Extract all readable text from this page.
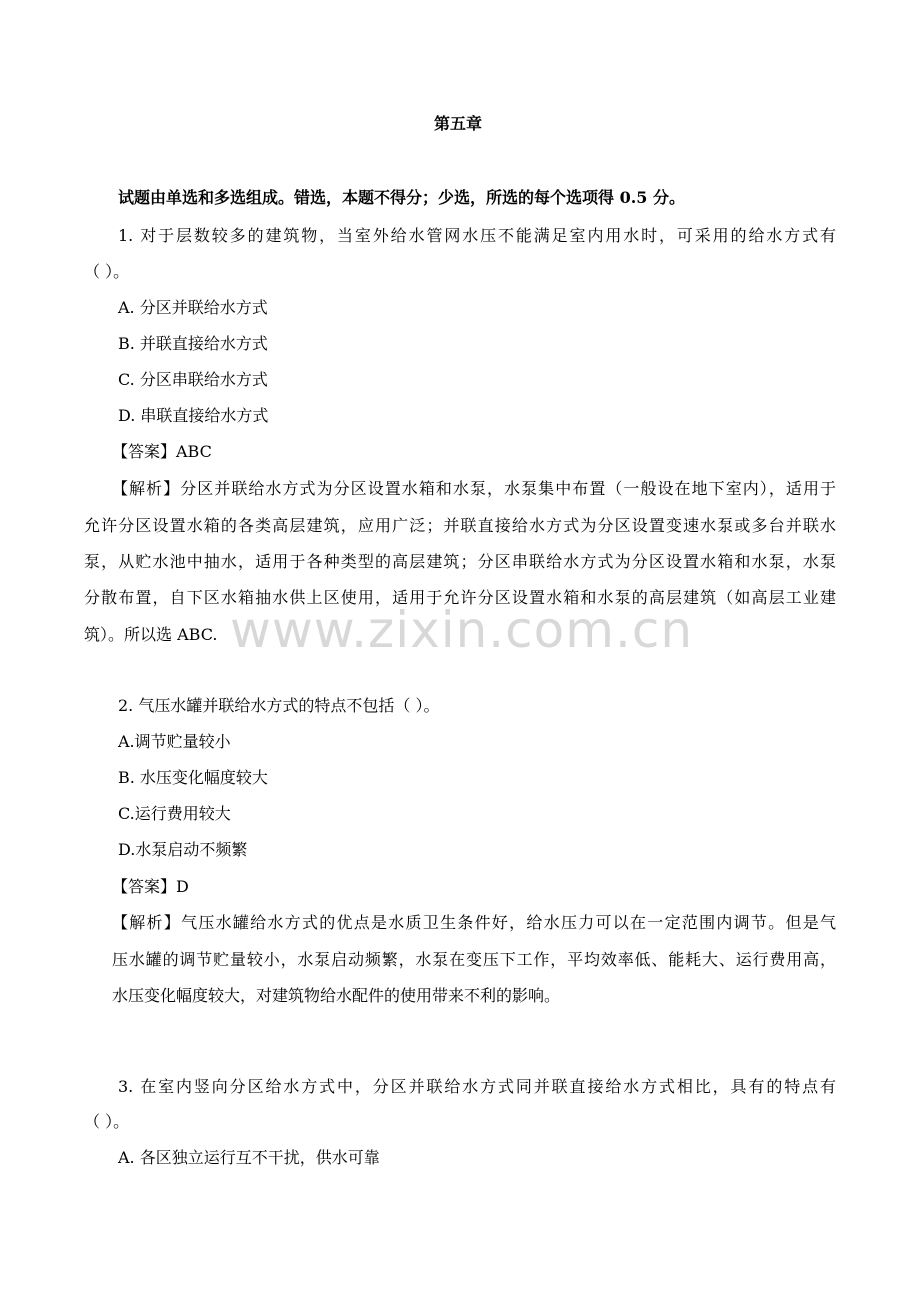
第五章
试题由单选和多选组成。错选，本题不得分；少选，所选的每个选项得 0.5 分。
1. 对于层数较多的建筑物，当室外给水管网水压不能满足室内用水时，可采用的给水方式有
（ ）。
A. 分区并联给水方式
B. 并联直接给水方式
C. 分区串联给水方式
D. 串联直接给水方式
【答案】ABC
【解析】分区并联给水方式为分区设置水箱和水泵，水泵集中布置（一般设在地下室内），适用于
允许分区设置水箱的各类高层建筑，应用广泛；并联直接给水方式为分区设置变速水泵或多台并联水
泵，从贮水池中抽水，适用于各种类型的高层建筑；分区串联给水方式为分区设置水箱和水泵，水泵
分散布置，自下区水箱抽水供上区使用，适用于允许分区设置水箱和水泵的高层建筑（如高层工业建
筑）。所以选 ABC.
2. 气压水罐并联给水方式的特点不包括（ ）。
A.调节贮量较小
B. 水压变化幅度较大
C.运行费用较大
D.水泵启动不频繁
【答案】D
【解析】气压水罐给水方式的优点是水质卫生条件好，给水压力可以在一定范围内调节。但是气
压水罐的调节贮量较小，水泵启动频繁，水泵在变压下工作，平均效率低、能耗大、运行费用高，
水压变化幅度较大，对建筑物给水配件的使用带来不利的影响。
3. 在室内竖向分区给水方式中，分区并联给水方式同并联直接给水方式相比，具有的特点有
（ ）。
A. 各区独立运行互不干扰，供水可靠
www.zixin.com.cn
